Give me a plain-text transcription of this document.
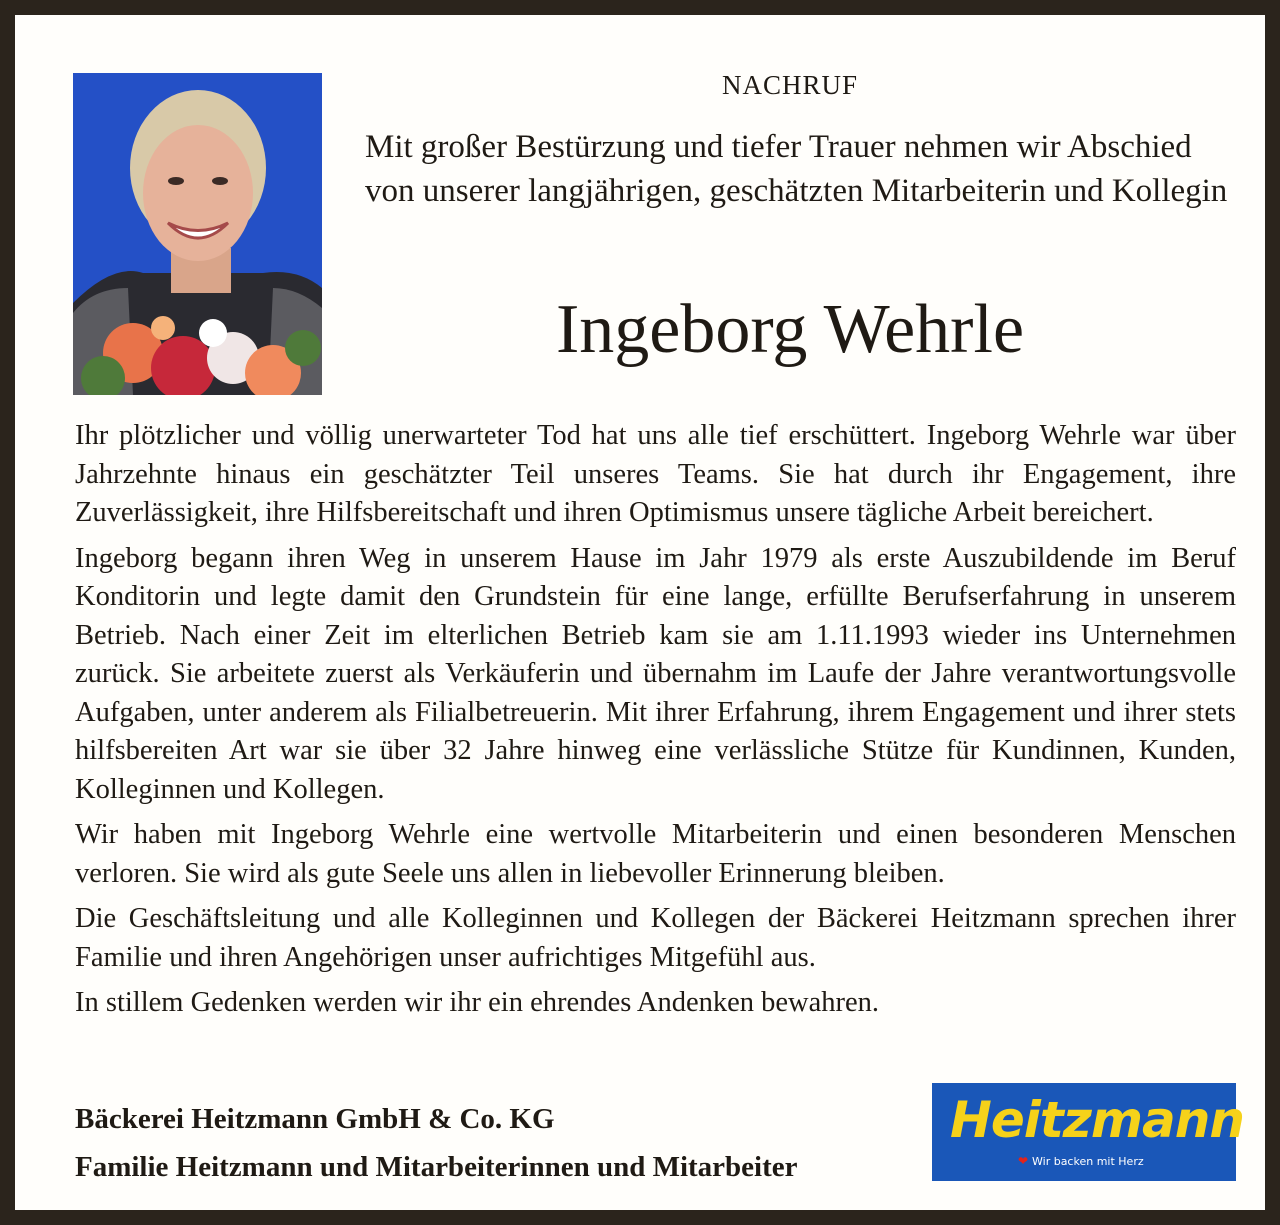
NACHRUF
Mit großer Bestürzung und tiefer Trauer nehmen wir Abschied von unserer langjährigen, geschätzten Mitarbeiterin und Kollegin
Ingeborg Wehrle

Ihr plötzlicher und völlig unerwarteter Tod hat uns alle tief erschüttert. Ingeborg Wehrle war über Jahrzehnte hinaus ein geschätzter Teil unseres Teams. Sie hat durch ihr Engagement, ihre Zuverlässigkeit, ihre Hilfsbereitschaft und ihren Optimismus unsere tägliche Arbeit bereichert.

Ingeborg begann ihren Weg in unserem Hause im Jahr 1979 als erste Auszubildende im Beruf Konditorin und legte damit den Grundstein für eine lange, erfüllte Berufserfahrung in unserem Betrieb. Nach einer Zeit im elterlichen Betrieb kam sie am 1.11.1993 wieder ins Unternehmen zurück. Sie arbeitete zuerst als Verkäuferin und übernahm im Laufe der Jahre verantwortungsvolle Aufgaben, unter anderem als Filialbetreuerin. Mit ihrer Erfahrung, ihrem Engagement und ihrer stets hilfsbereiten Art war sie über 32 Jahre hinweg eine verlässliche Stütze für Kundinnen, Kunden, Kolleginnen und Kollegen.

Wir haben mit Ingeborg Wehrle eine wertvolle Mitarbeiterin und einen besonderen Menschen verloren. Sie wird als gute Seele uns allen in liebevoller Erinnerung bleiben.

Die Geschäftsleitung und alle Kolleginnen und Kollegen der Bäckerei Heitzmann sprechen ihrer Familie und ihren Angehörigen unser aufrichtiges Mitgefühl aus.

In stillem Gedenken werden wir ihr ein ehrendes Andenken bewahren.

Bäckerei Heitzmann GmbH & Co. KG
Familie Heitzmann und Mitarbeiterinnen und Mitarbeiter
Heitzmann
❤ Wir backen mit Herz
